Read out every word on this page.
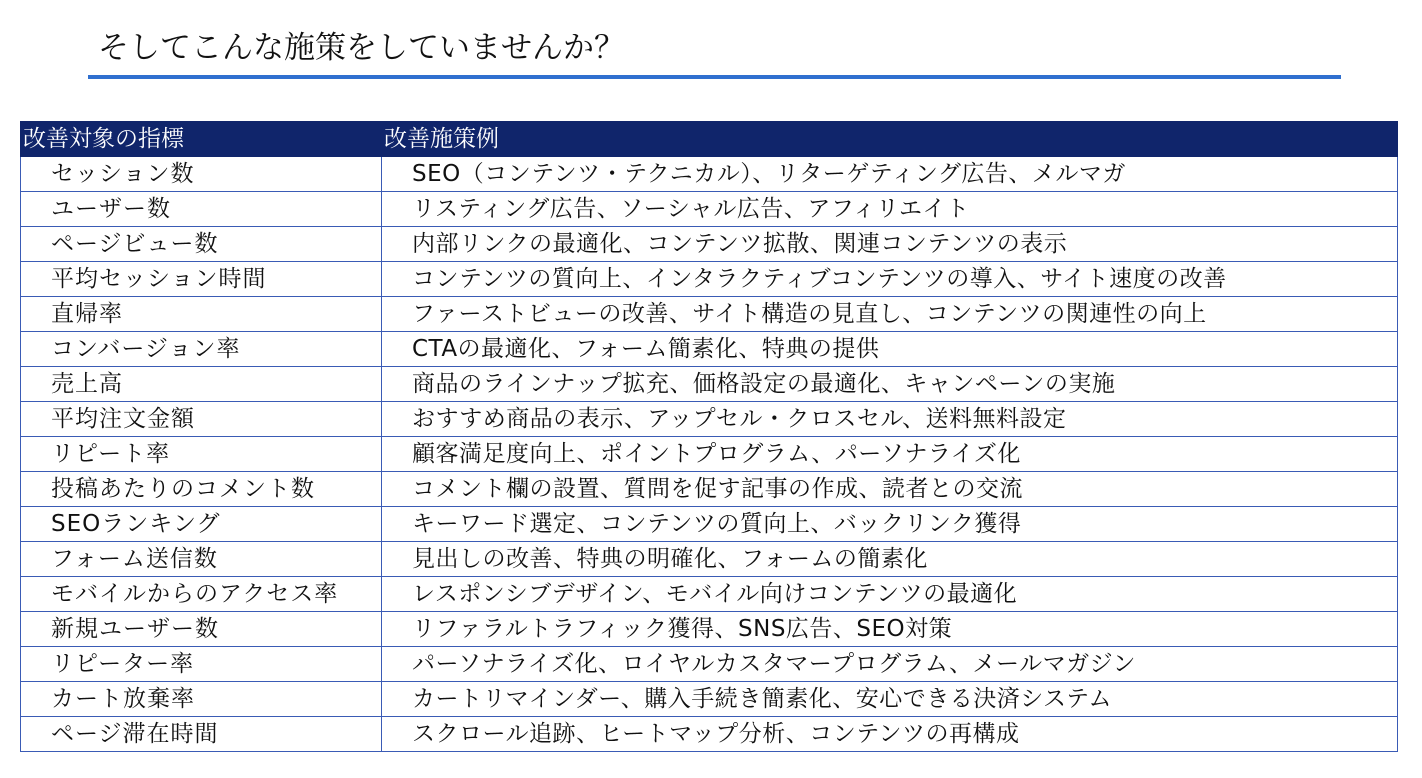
そしてこんな施策をしていませんか？
改善対象の指標	改善施策例
セッション数	SEO（コンテンツ・テクニカル）、リターゲティング広告、メルマガ
ユーザー数	リスティング広告、ソーシャル広告、アフィリエイト
ページビュー数	内部リンクの最適化、コンテンツ拡散、関連コンテンツの表示
平均セッション時間	コンテンツの質向上、インタラクティブコンテンツの導入、サイト速度の改善
直帰率	ファーストビューの改善、サイト構造の見直し、コンテンツの関連性の向上
コンバージョン率	CTAの最適化、フォーム簡素化、特典の提供
売上高	商品のラインナップ拡充、価格設定の最適化、キャンペーンの実施
平均注文金額	おすすめ商品の表示、アップセル・クロスセル、送料無料設定
リピート率	顧客満足度向上、ポイントプログラム、パーソナライズ化
投稿あたりのコメント数	コメント欄の設置、質問を促す記事の作成、読者との交流
SEOランキング	キーワード選定、コンテンツの質向上、バックリンク獲得
フォーム送信数	見出しの改善、特典の明確化、フォームの簡素化
モバイルからのアクセス率	レスポンシブデザイン、モバイル向けコンテンツの最適化
新規ユーザー数	リファラルトラフィック獲得、SNS広告、SEO対策
リピーター率	パーソナライズ化、ロイヤルカスタマープログラム、メールマガジン
カート放棄率	カートリマインダー、購入手続き簡素化、安心できる決済システム
ページ滞在時間	スクロール追跡、ヒートマップ分析、コンテンツの再構成
